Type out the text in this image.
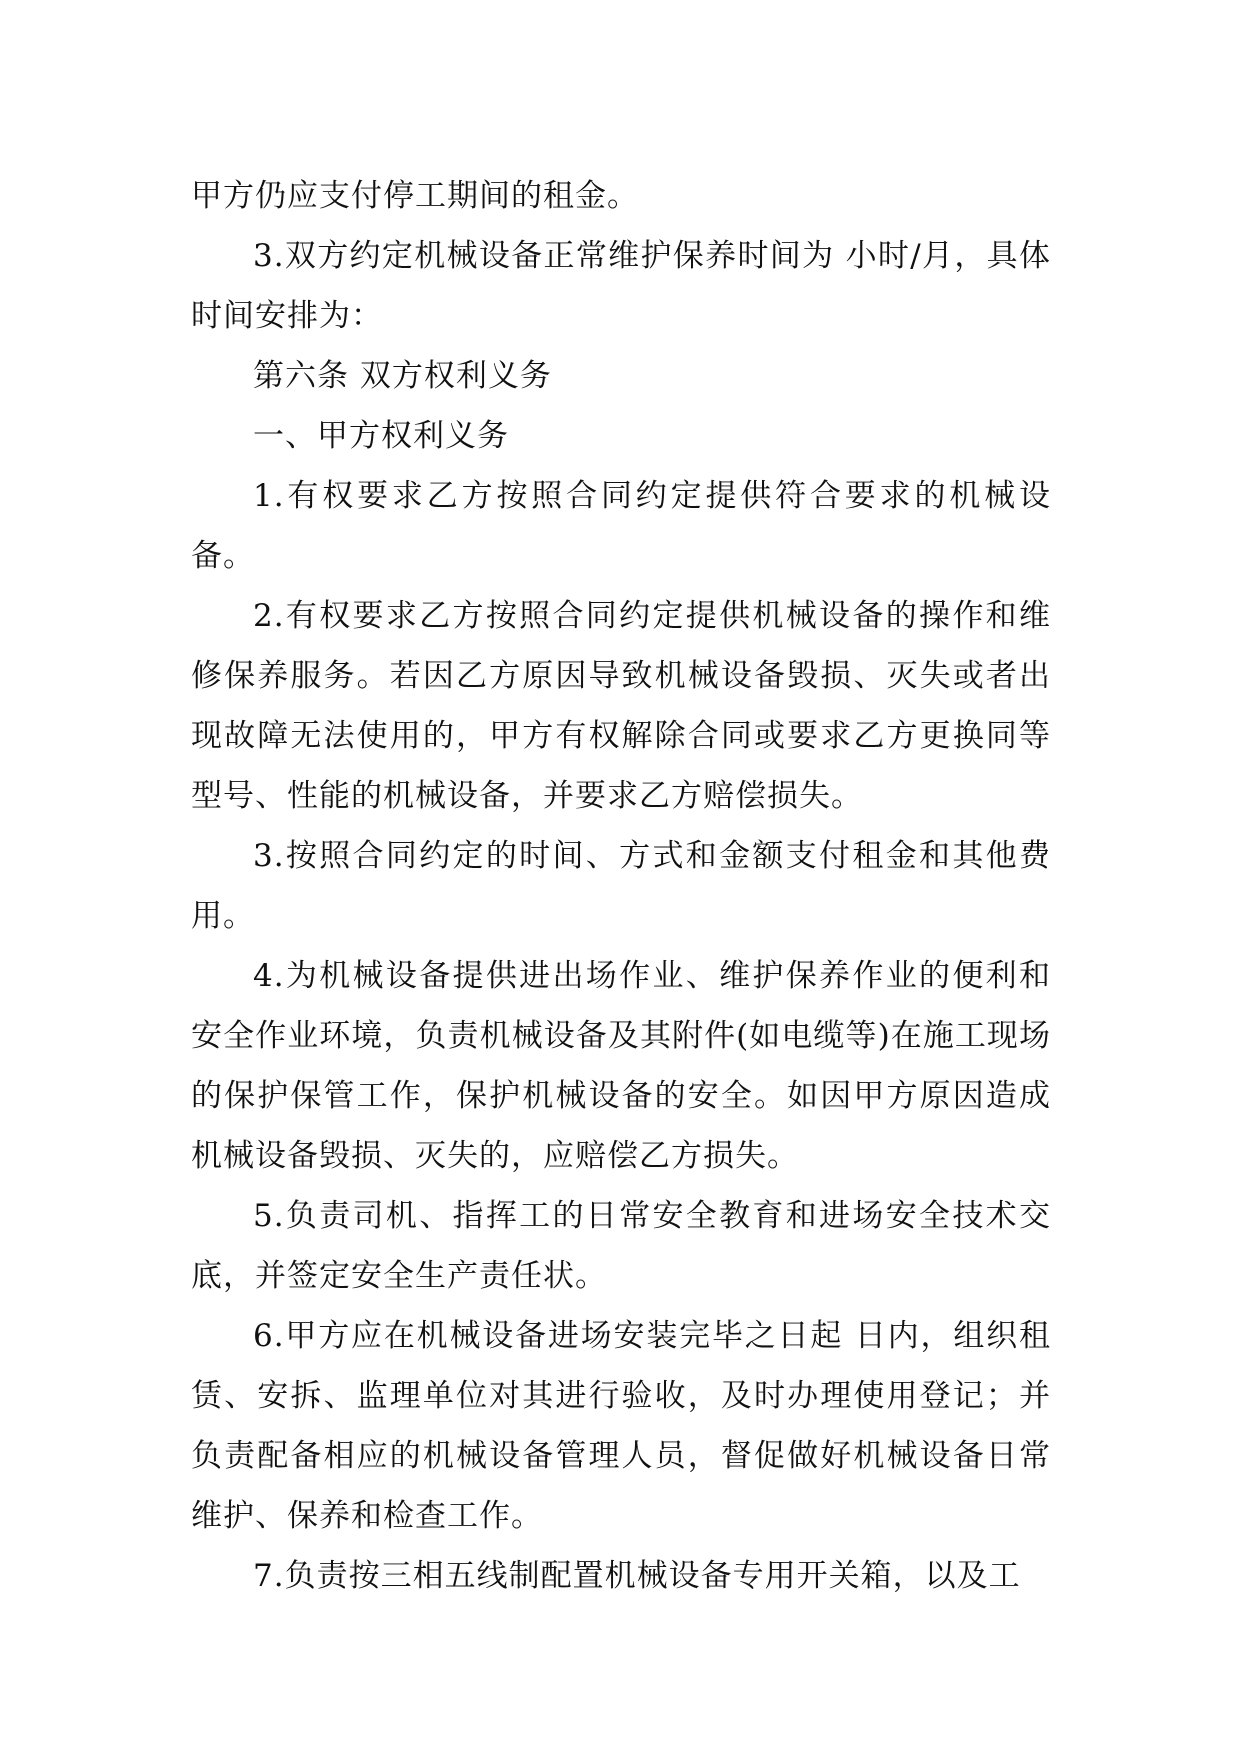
甲方仍应支付停工期间的租金。

3.双方约定机械设备正常维护保养时间为 小时/月，具体时间安排为：

第六条 双方权利义务

一、甲方权利义务

1.有权要求乙方按照合同约定提供符合要求的机械设备。

2.有权要求乙方按照合同约定提供机械设备的操作和维修保养服务。若因乙方原因导致机械设备毁损、灭失或者出现故障无法使用的，甲方有权解除合同或要求乙方更换同等型号、性能的机械设备，并要求乙方赔偿损失。

3.按照合同约定的时间、方式和金额支付租金和其他费用。

4.为机械设备提供进出场作业、维护保养作业的便利和安全作业环境，负责机械设备及其附件(如电缆等)在施工现场的保护保管工作，保护机械设备的安全。如因甲方原因造成机械设备毁损、灭失的，应赔偿乙方损失。

5.负责司机、指挥工的日常安全教育和进场安全技术交底，并签定安全生产责任状。

6.甲方应在机械设备进场安装完毕之日起 日内，组织租赁、安拆、监理单位对其进行验收，及时办理使用登记；并负责配备相应的机械设备管理人员，督促做好机械设备日常维护、保养和检查工作。

7.负责按三相五线制配置机械设备专用开关箱，以及工
